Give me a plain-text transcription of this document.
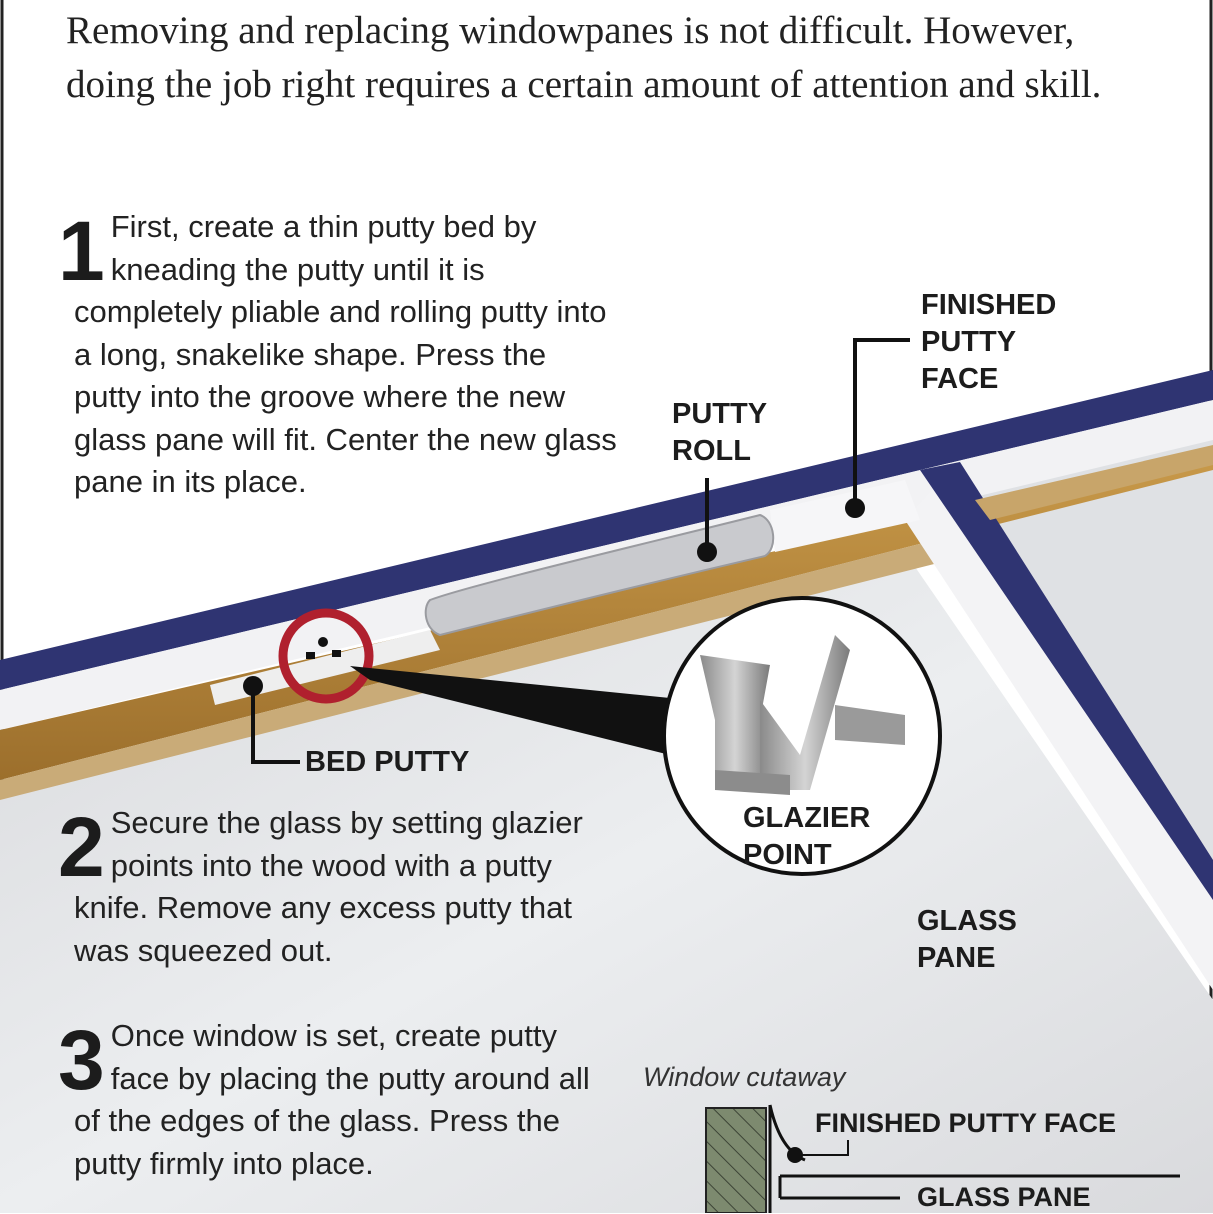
Removing and replacing windowpanes is not difficult. However, doing the job right requires a certain amount of attention and skill.

1 First, create a thin putty bed by kneading the putty until it is completely pliable and rolling putty into a long, snakelike shape. Press the putty into the groove where the new glass pane will fit. Center the new glass pane in its place.
2 Secure the glass by setting glazier points into the wood with a putty knife. Remove any excess putty that was squeezed out.
3 Once window is set, create putty face by placing the putty around all of the edges of the glass. Press the putty firmly into place.

FINISHED PUTTY FACE

PUTTY ROLL

BED PUTTY

GLAZIER POINT

GLASS PANE

Window cutaway

FINISHED PUTTY FACE

GLASS PANE
